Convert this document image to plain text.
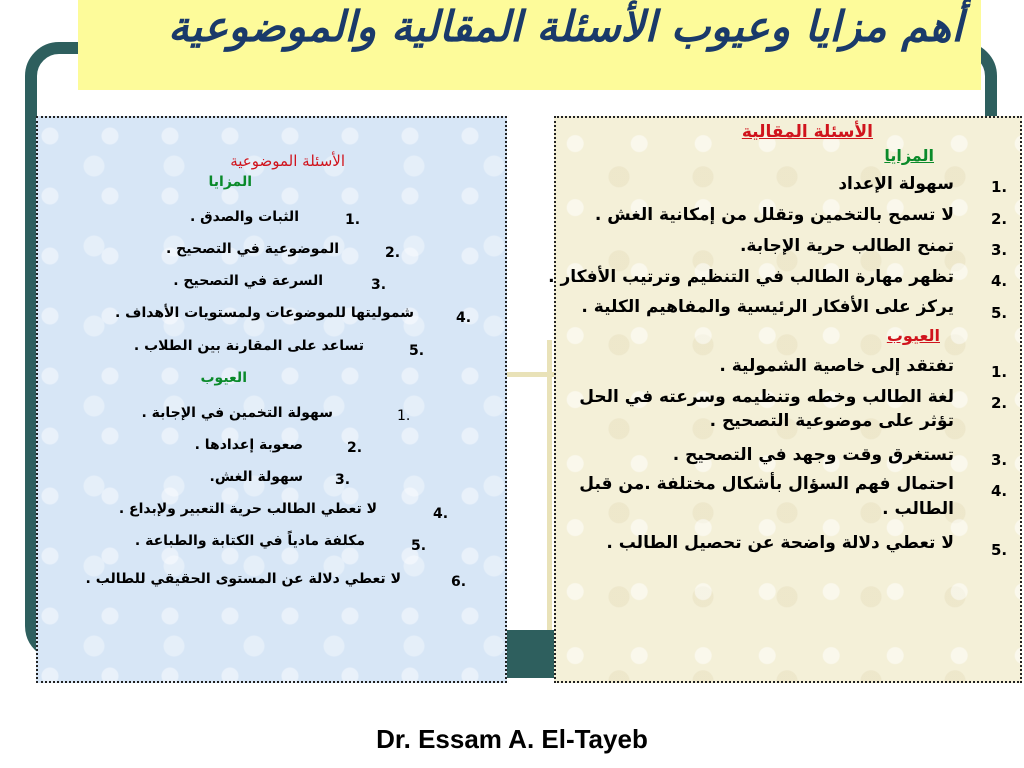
أهم مزايا وعيوب الأسئلة المقالية والموضوعية
الأسئلة الموضوعية
المزايا
1.
الثبات والصدق .
2.
الموضوعية في التصحيح .
3.
السرعة في التصحيح .
4.
شموليتها للموضوعات ولمستويات الأهداف .
5.
تساعد على المقارنة بين الطلاب .
العيوب
1.
سهولة التخمين في الإجابة .
2.
صعوبة إعدادها .
3.
سهولة الغش.
4.
لا تعطي الطالب حرية التعبير ولإبداع .
5.
مكلفة مادياً في الكتابة والطباعة .
6.
لا تعطي دلالة عن المستوى الحقيقي للطالب .
الأسئلة المقالية
المزايا
1.
سهولة الإعداد
2.
لا تسمح بالتخمين وتقلل من إمكانية الغش .
3.
تمنح الطالب حرية الإجابة.
4.
تظهر مهارة الطالب في التنظيم وترتيب الأفكار .
5.
يركز على الأفكار الرئيسية والمفاهيم الكلية .
العيوب
1.
تفتقد إلى خاصية الشمولية .
2.
لغة الطالب وخطه وتنظيمه وسرعته في الحل
تؤثر على موضوعية التصحيح .
3.
تستغرق وقت وجهد في التصحيح .
4.
احتمال فهم السؤال بأشكال مختلفة .من قبل
الطالب .
5.
لا تعطي دلالة واضحة عن تحصيل الطالب .
Dr. Essam A. El-Tayeb
